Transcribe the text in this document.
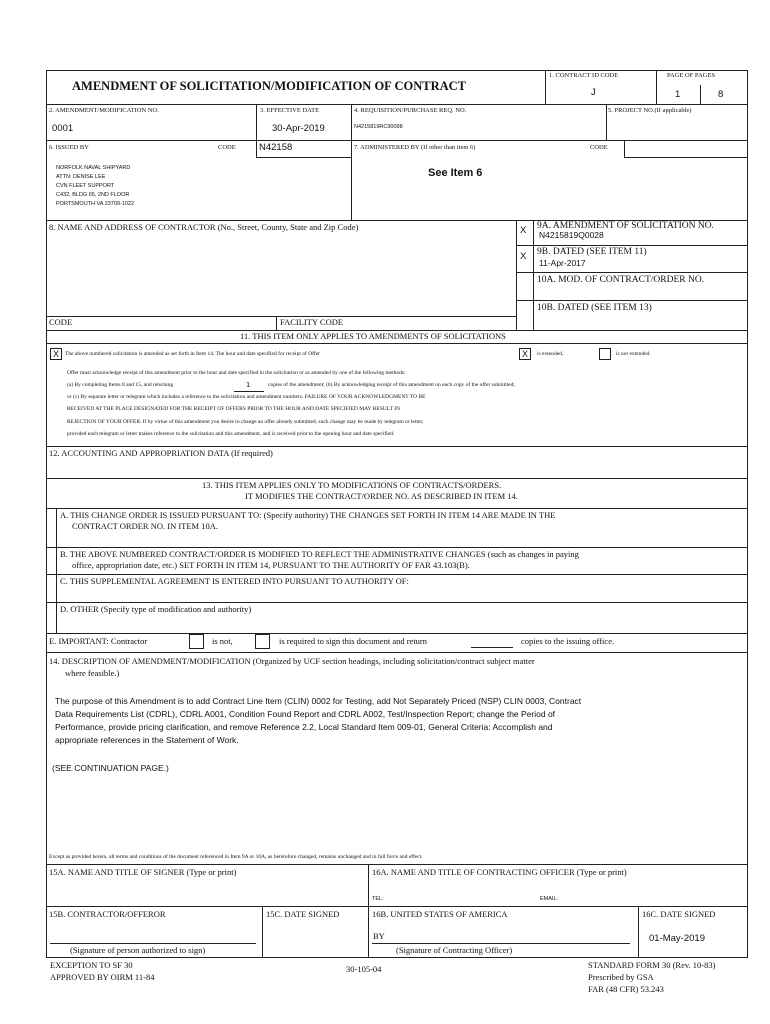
AMENDMENT OF SOLICITATION/MODIFICATION OF CONTRACT
1. CONTRACT ID CODE
J
PAGE OF PAGES
1	8
2. AMENDMENT/MODIFICATION NO.
0001
3. EFFECTIVE DATE
30-Apr-2019
4. REQUISITION/PURCHASE REQ. NO.
N4215819RC90098
5. PROJECT NO.(If applicable)
6. ISSUED BY	CODE N42158	7. ADMINISTERED BY (If other than item 6)	CODE
NORFOLK NAVAL SHIPYARD
ATTN: DENISE LEE
CVN FLEET SUPPORT
C432, BLDG 65, 2ND FLOOR
PORTSMOUTH VA 23709-1022
See Item 6
8. NAME AND ADDRESS OF CONTRACTOR (No., Street, County, State and Zip Code)	X 9A. AMENDMENT OF SOLICITATION NO.
N4215819Q0028
X 9B. DATED (SEE ITEM 11)
11-Apr-2017
10A. MOD. OF CONTRACT/ORDER NO.
10B. DATED (SEE ITEM 13)
CODE	FACILITY CODE
11. THIS ITEM ONLY APPLIES TO AMENDMENTS OF SOLICITATIONS
X	The above numbered solicitation is amended as set forth in Item 14. The hour and date specified for receipt of Offer	X	is extended,	is not extended.
Offer must acknowledge receipt of this amendment prior to the hour and date specified in the solicitation or as amended by one of the following methods:
(a) By completing Items 8 and 15, and returning	1	copies of the amendment; (b) By acknowledging receipt of this amendment on each copy of the offer submitted;
or (c) By separate letter or telegram which includes a reference to the solicitation and amendment numbers. FAILURE OF YOUR ACKNOWLEDGMENT TO BE
RECEIVED AT THE PLACE DESIGNATED FOR THE RECEIPT OF OFFERS PRIOR TO THE HOUR AND DATE SPECIFIED MAY RESULT IN
REJECTION OF YOUR OFFER. If by virtue of this amendment you desire to change an offer already submitted, such change may be made by telegram or letter,
provided each telegram or letter makes reference to the solicitation and this amendment, and is received prior to the opening hour and date specified.
12. ACCOUNTING AND APPROPRIATION DATA (If required)
13. THIS ITEM APPLIES ONLY TO MODIFICATIONS OF CONTRACTS/ORDERS.
IT MODIFIES THE CONTRACT/ORDER NO. AS DESCRIBED IN ITEM 14.
A. THIS CHANGE ORDER IS ISSUED PURSUANT TO: (Specify authority) THE CHANGES SET FORTH IN ITEM 14 ARE MADE IN THE
CONTRACT ORDER NO. IN ITEM 10A.
B. THE ABOVE NUMBERED CONTRACT/ORDER IS MODIFIED TO REFLECT THE ADMINISTRATIVE CHANGES (such as changes in paying
office, appropriation date, etc.) SET FORTH IN ITEM 14, PURSUANT TO THE AUTHORITY OF FAR 43.103(B).
C. THIS SUPPLEMENTAL AGREEMENT IS ENTERED INTO PURSUANT TO AUTHORITY OF:
D. OTHER (Specify type of modification and authority)
E. IMPORTANT: Contractor	is not,	is required to sign this document and return	copies to the issuing office.
14. DESCRIPTION OF AMENDMENT/MODIFICATION (Organized by UCF section headings, including solicitation/contract subject matter
where feasible.)
The purpose of this Amendment is to add Contract Line Item (CLIN) 0002 for Testing, add Not Separately Priced (NSP) CLIN 0003, Contract
Data Requirements List (CDRL), CDRL A001, Condition Found Report and CDRL A002, Test/Inspection Report; change the Period of
Performance, provide pricing clarification, and remove Reference 2.2, Local Standard Item 009-01, General Criteria: Accomplish and
appropriate references in the Statement of Work.
(SEE CONTINUATION PAGE.)
Except as provided herein, all terms and conditions of the document referenced in Item 9A or 10A, as heretofore changed, remains unchanged and in full force and effect.
15A. NAME AND TITLE OF SIGNER (Type or print)	16A. NAME AND TITLE OF CONTRACTING OFFICER (Type or print)
TEL:	EMAIL:
15B. CONTRACTOR/OFFEROR	15C. DATE SIGNED	16B. UNITED STATES OF AMERICA	16C. DATE SIGNED
(Signature of person authorized to sign)
BY
(Signature of Contracting Officer)
01-May-2019
EXCEPTION TO SF 30
APPROVED BY OIRM 11-84
30-105-04	STANDARD FORM 30 (Rev. 10-83)
Prescribed by GSA
FAR (48 CFR) 53.243
